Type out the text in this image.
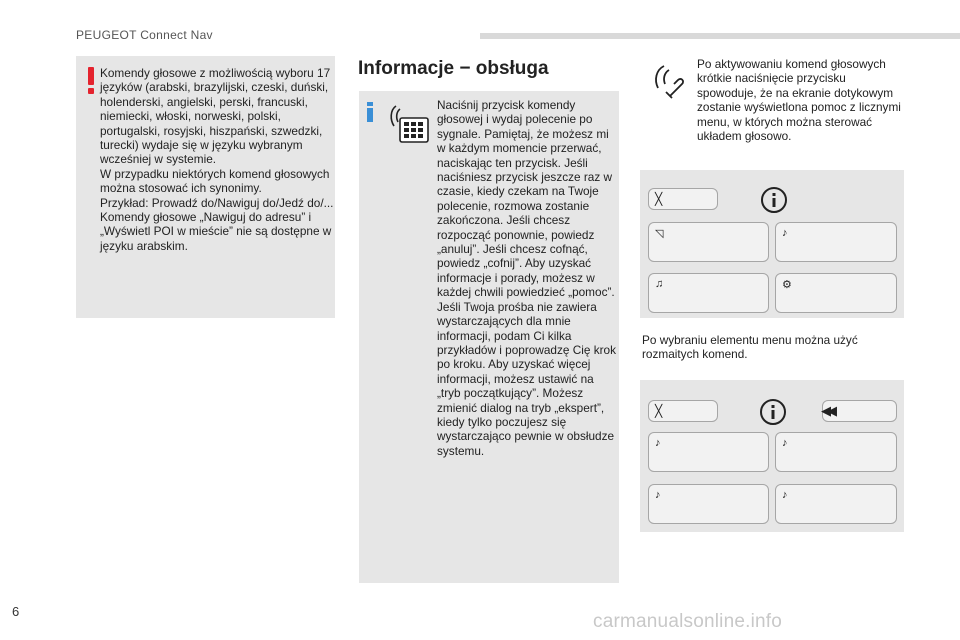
PEUGEOT Connect Nav
Komendy głosowe z możliwością wyboru 17 języków (arabski, brazylijski, czeski, duński, holenderski, angielski, perski, francuski, niemiecki, włoski, norweski, polski, portugalski, rosyjski, hiszpański, szwedzki, turecki) wydaje się w języku wybranym wcześniej w systemie.
W przypadku niektórych komend głosowych można stosować ich synonimy.
Przykład: Prowadź do/Nawiguj do/Jedź do/...
Komendy głosowe „Nawiguj do adresu” i „Wyświetl POI w mieście” nie są dostępne w języku arabskim.
Informacje − obsługa
Naciśnij przycisk komendy głosowej i wydaj polecenie po sygnale. Pamiętaj, że możesz mi w każdym momencie przerwać, naciskając ten przycisk. Jeśli naciśniesz przycisk jeszcze raz w czasie, kiedy czekam na Twoje polecenie, rozmowa zostanie zakończona. Jeśli chcesz rozpocząć ponownie, powiedz „anuluj”. Jeśli chcesz cofnąć, powiedz „cofnij”. Aby uzyskać informacje i porady, możesz w każdej chwili powiedzieć „pomoc”. Jeśli Twoja prośba nie zawiera wystarczających dla mnie informacji, podam Ci kilka przykładów i poprowadzę Cię krok po kroku. Aby uzyskać więcej informacji, możesz ustawić na „tryb początkujący”. Możesz zmienić dialog na tryb „ekspert”, kiedy tylko poczujesz się wystarczająco pewnie w obsłudze systemu.
Po aktywowaniu komend głosowych krótkie naciśnięcie przycisku spowoduje, że na ekranie dotykowym zostanie wyświetlona pomoc z licznymi menu, w których można sterować układem głosowo.
╳
◹	♪
♫	⚙
Po wybraniu elementu menu można użyć rozmaitych komend.
╳	◀◀
♪	♪
♪	♪
6	carmanualsonline.info
